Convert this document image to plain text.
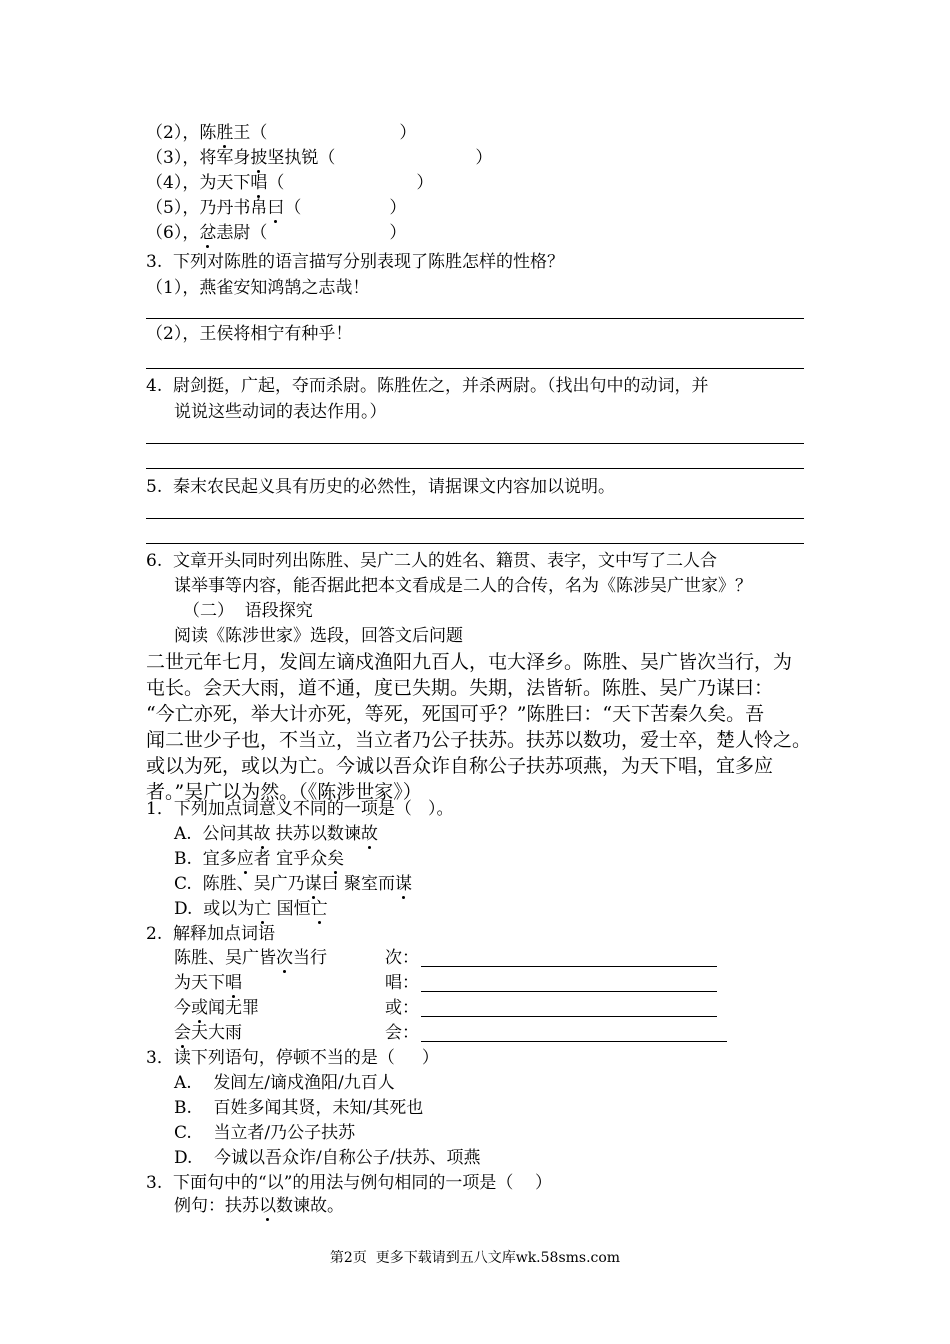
（2），陈胜王（	）
（3），将军身披坚执锐（	）
（4），为天下唱（	）
（5），乃丹书帛曰（	）
（6），忿恚尉（	）
3.  下列对陈胜的语言描写分别表现了陈胜怎样的性格？
（1），燕雀安知鸿鹄之志哉！
（2），王侯将相宁有种乎！
4.  尉剑挺，广起，夺而杀尉。陈胜佐之，并杀两尉。（找出句中的动词，并
说说这些动词的表达作用。）
5.  秦末农民起义具有历史的必然性，请据课文内容加以说明。
6.  文章开头同时列出陈胜、吴广二人的姓名、籍贯、表字，文中写了二人合
谋举事等内容，能否据此把本文看成是二人的合传，名为《陈涉吴广世家》？
（二）  语段探究
阅读《陈涉世家》选段，回答文后问题
二世元年七月，发闾左谪戍渔阳九百人，屯大泽乡。陈胜、吴广皆次当行，为
屯长。会天大雨，道不通，度已失期。失期，法皆斩。陈胜、吴广乃谋曰：
“今亡亦死，举大计亦死，等死，死国可乎？”陈胜曰：“天下苦秦久矣。吾
闻二世少子也，不当立，当立者乃公子扶苏。扶苏以数功，爱士卒，楚人怜之。
或以为死，或以为亡。今诚以吾众诈自称公子扶苏项燕，为天下唱，宜多应
者。”吴广以为然。（《陈涉世家》）
1．下列加点词意义不同的一项是（   ）。
A. 公问其故 扶苏以数谏故
B. 宜多应者 宜乎众矣
C. 陈胜、吴广乃谋曰 聚室而谋
D. 或以为亡 国恒亡
2.  解释加点词语
陈胜、吴广皆次当行	次：
为天下唱	唱：
今或闻无罪	或：
会天大雨	会：
3．读下列语句，停顿不当的是（     ）
A. 发闾左/谪戍渔阳/九百人
B. 百姓多闻其贤，未知/其死也
C. 当立者/乃公子扶苏
D. 今诚以吾众诈/自称公子/扶苏、项燕
3.  下面句中的“以”的用法与例句相同的一项是（    ）
例句：扶苏以数谏故。
第2页  更多下载请到五八文库wk.58sms.com
